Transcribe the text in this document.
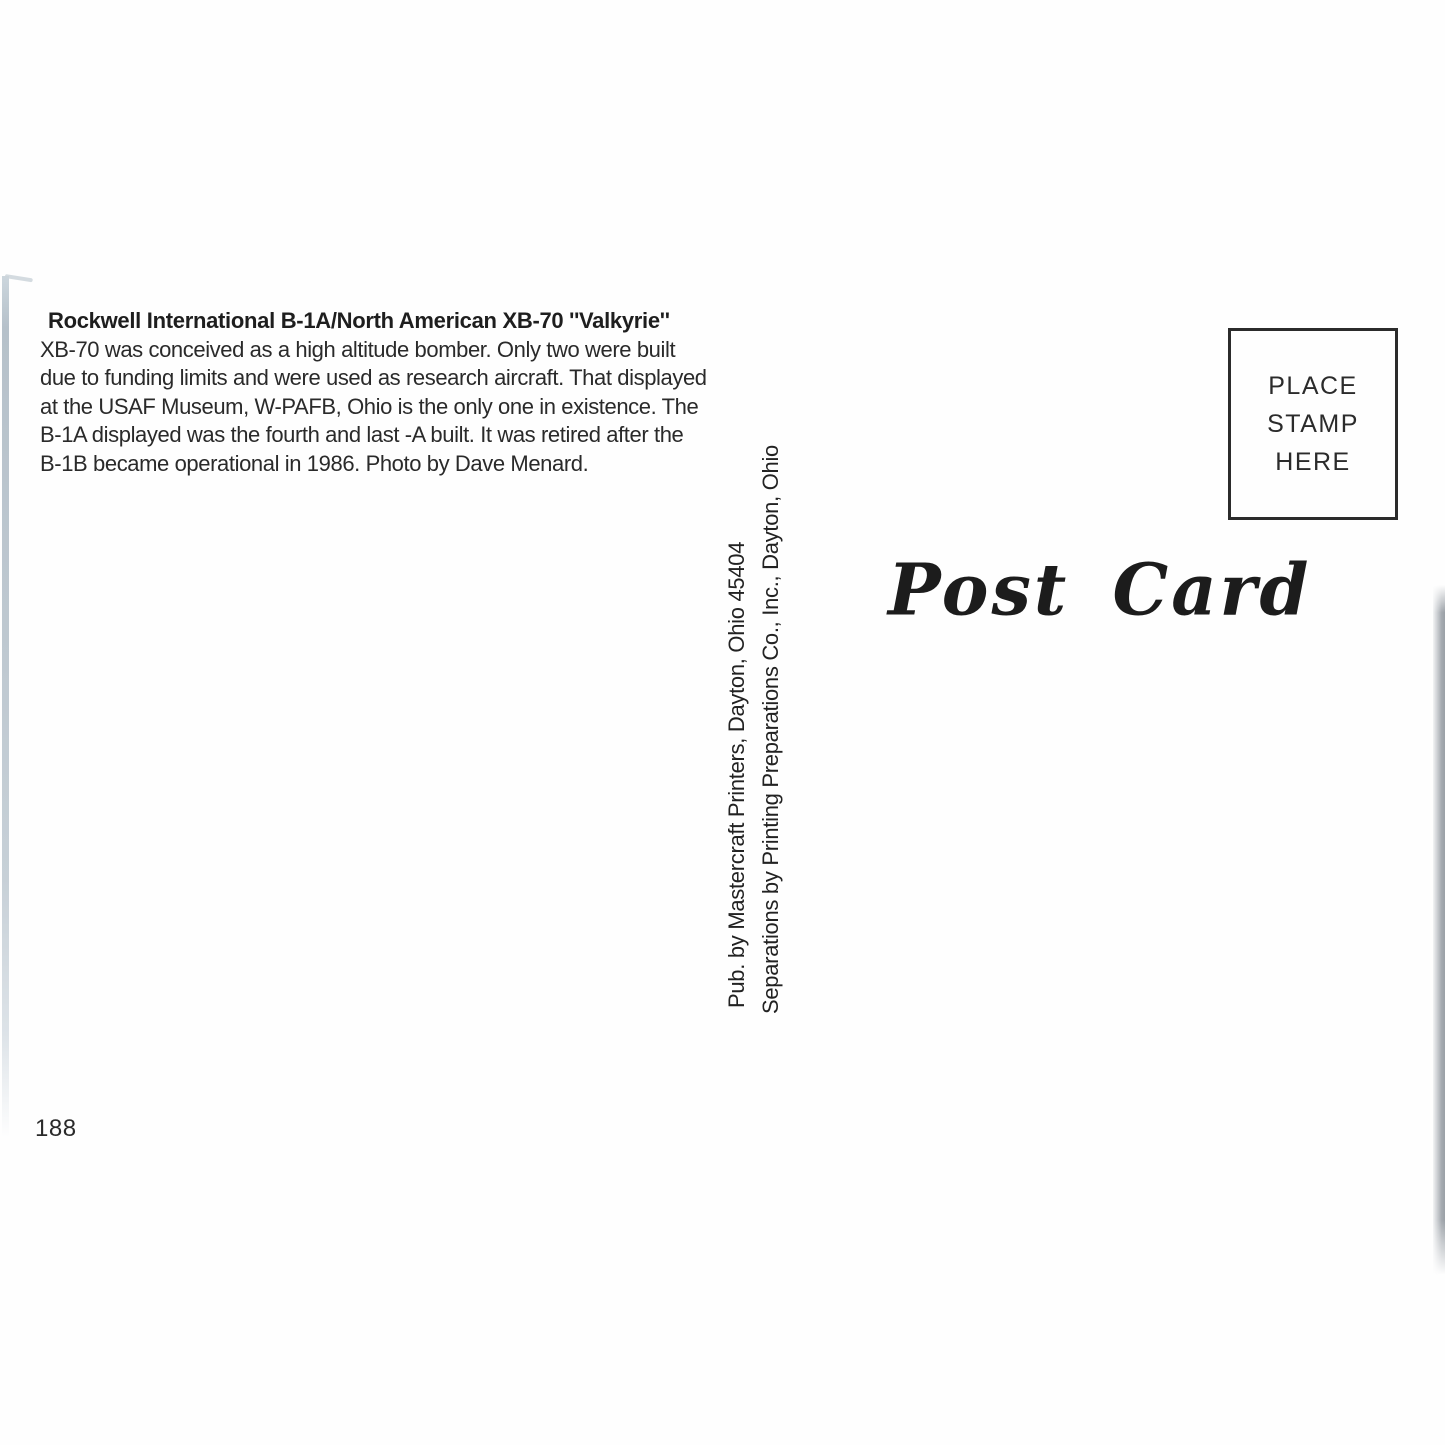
Rockwell International B-1A/North American XB-70 ''Valkyrie''
XB-70 was conceived as a high altitude bomber. Only two were built
due to funding limits and were used as research aircraft. That displayed
at the USAF Museum, W-PAFB, Ohio is the only one in existence. The
B-1A displayed was the fourth and last -A built. It was retired after the
B-1B became operational in 1986. Photo by Dave Menard.
Pub. by Mastercraft Printers, Dayton, Ohio 45404 Separations by Printing Preparations Co., Inc., Dayton, Ohio
PLACE
STAMP
HERE
Post Card
188
